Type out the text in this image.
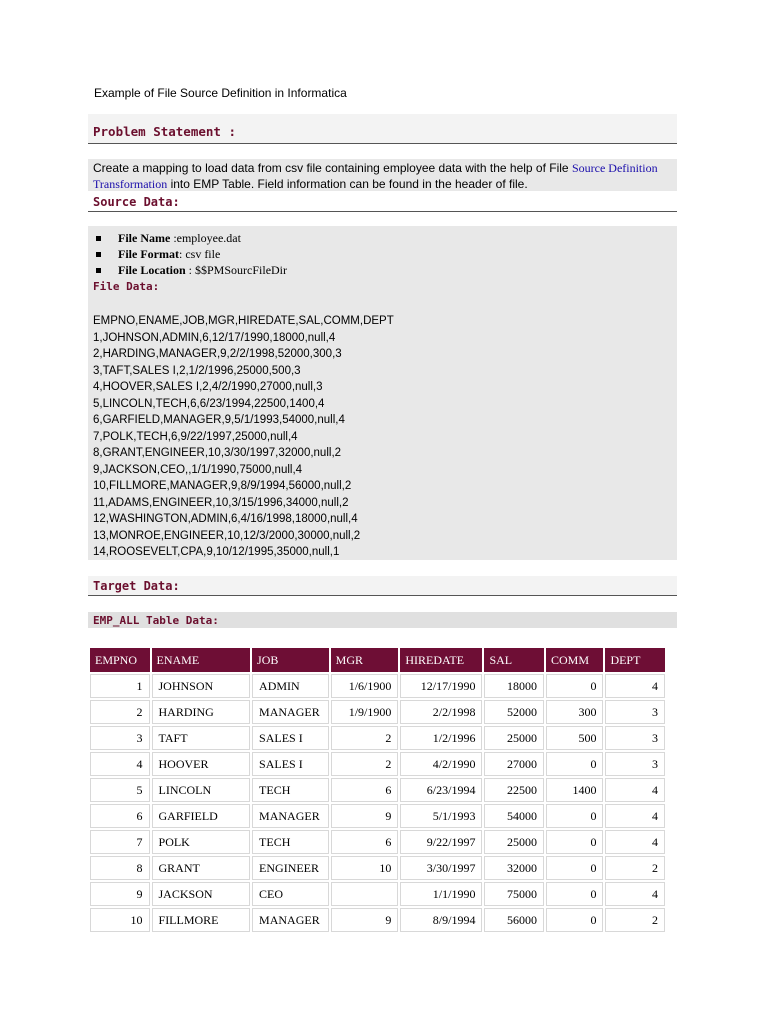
Example of File Source Definition in Informatica
Problem Statement :
Create a mapping to load data from csv file containing employee data with the help of File Source Definition
Transformation into EMP Table. Field information can be found in the header of file.
Source Data:
File Name :employee.dat
File Format: csv file
File Location : $$PMSourcFileDir
File Data:
EMPNO,ENAME,JOB,MGR,HIREDATE,SAL,COMM,DEPT
1,JOHNSON,ADMIN,6,12/17/1990,18000,null,4
2,HARDING,MANAGER,9,2/2/1998,52000,300,3
3,TAFT,SALES I,2,1/2/1996,25000,500,3
4,HOOVER,SALES I,2,4/2/1990,27000,null,3
5,LINCOLN,TECH,6,6/23/1994,22500,1400,4
6,GARFIELD,MANAGER,9,5/1/1993,54000,null,4
7,POLK,TECH,6,9/22/1997,25000,null,4
8,GRANT,ENGINEER,10,3/30/1997,32000,null,2
9,JACKSON,CEO,,1/1/1990,75000,null,4
10,FILLMORE,MANAGER,9,8/9/1994,56000,null,2
11,ADAMS,ENGINEER,10,3/15/1996,34000,null,2
12,WASHINGTON,ADMIN,6,4/16/1998,18000,null,4
13,MONROE,ENGINEER,10,12/3/2000,30000,null,2
14,ROOSEVELT,CPA,9,10/12/1995,35000,null,1
Target Data:
EMP_ALL Table Data:
EMPNO	ENAME	JOB	MGR	HIREDATE	SAL	COMM	DEPT
1	JOHNSON	ADMIN	1/6/1900	12/17/1990	18000	0	4
2	HARDING	MANAGER	1/9/1900	2/2/1998	52000	300	3
3	TAFT	SALES I	2	1/2/1996	25000	500	3
4	HOOVER	SALES I	2	4/2/1990	27000	0	3
5	LINCOLN	TECH	6	6/23/1994	22500	1400	4
6	GARFIELD	MANAGER	9	5/1/1993	54000	0	4
7	POLK	TECH	6	9/22/1997	25000	0	4
8	GRANT	ENGINEER	10	3/30/1997	32000	0	2
9	JACKSON	CEO		1/1/1990	75000	0	4
10	FILLMORE	MANAGER	9	8/9/1994	56000	0	2
